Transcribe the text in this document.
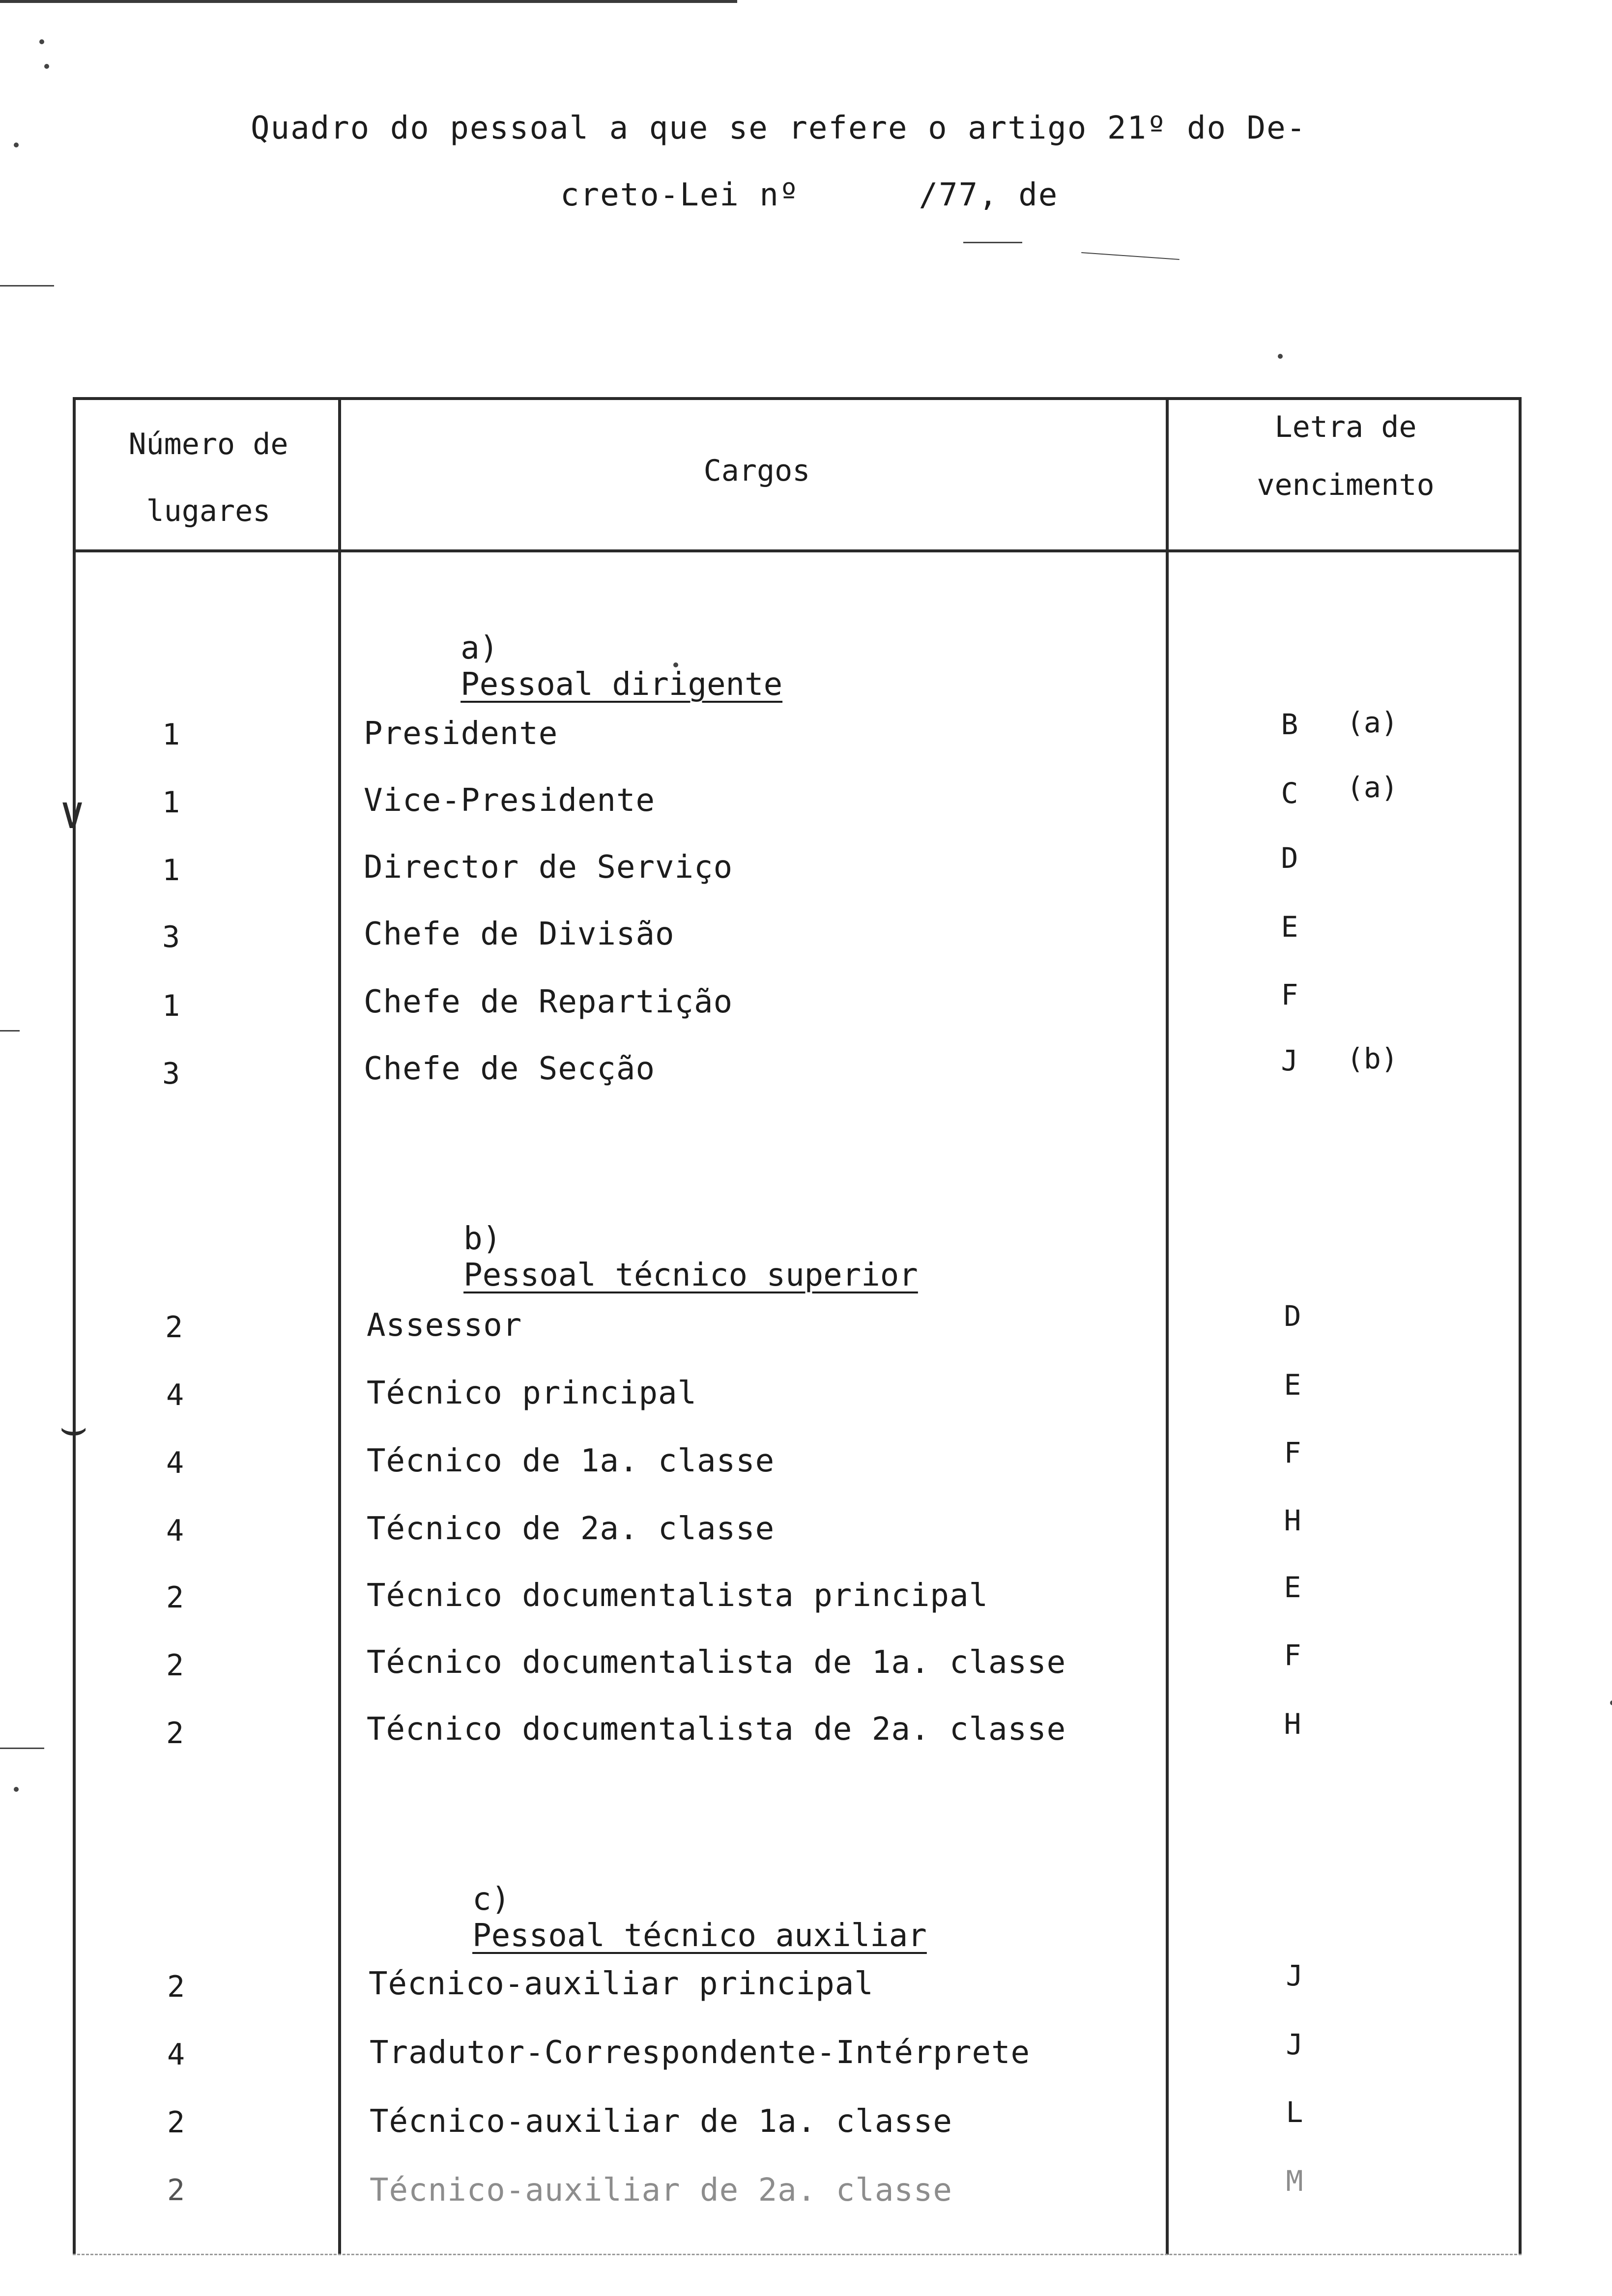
∨
⌣
Quadro do pessoal a que se refere o artigo 21º do De-
creto-Lei nº      /77, de
Número de
lugares
Cargos
Letra de
vencimento

a)
Pessoal dirigente

1	Presidente	B	(a)
1	Vice-Presidente	C	(a)
1	Director de Serviço	D
3	Chefe de Divisão	E
1	Chefe de Repartição	F
3	Chefe de Secção	J	(b)

b)
Pessoal técnico superior

2	Assessor	D
4	Técnico principal	E
4	Técnico de 1a. classe	F
4	Técnico de 2a. classe	H
2	Técnico documentalista principal	E
2	Técnico documentalista de 1a. classe	F
2	Técnico documentalista de 2a. classe	H

c)
Pessoal técnico auxiliar

2	Técnico-auxiliar principal	J
4	Tradutor-Correspondente-Intérprete	J
2	Técnico-auxiliar de 1a. classe	L
2	Técnico-auxiliar de 2a. classe	M
